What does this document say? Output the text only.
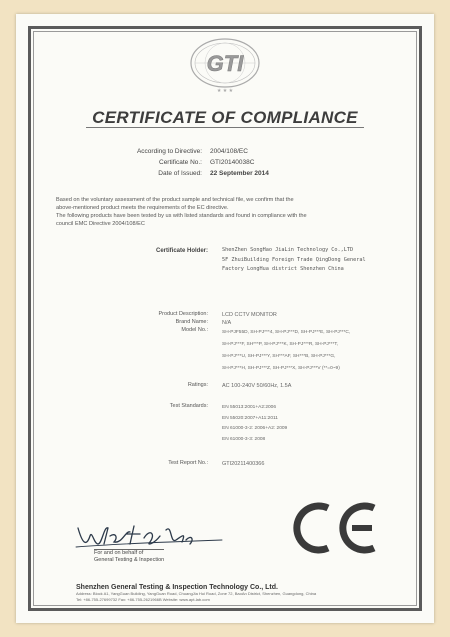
GTI
★ ★ ★
CERTIFICATE OF COMPLIANCE
According to Directive: 2004/108/EC
Certificate No.: GTI20140038C
Date of Issued: 22 September 2014
Based on the voluntary assessment of the product sample and technical file, we confirm that the
above-mentioned product meets the requirements of the EC directive.
The following products have been tested by us with listed standards and found in compliance with the
council EMC Directive 2004/108/EC
Certificate Holder:	ShenZhen SongHao JiaLin Technology Co.,LTD
5F ZhuiBuilding Foreign Trade QingDong General
Factory LongHua district Shenzhen China
Product Description:	LCD CCTV MONITOR
Brand Name:	N/A
Model No.:	SH-PJF55D, SH-PJ***4, SH-PJ***D, SH-PJ***E, SH-PJ***C,
SH-PJ***F, SH***P, SH-PJ***K, SH-PJ***R, SH-PJ***T,
SH-PJ***U, SH-PJ***Y, SH***AF, SH***B, SH-PJ***G,
SH-PJ***H, SH-PJ***Z, SH-PJ***X, SH-PJ***V (**=0~9)
Ratings:	AC 100-240V 50/60Hz, 1.5A
Test Standards:	EN 55013:2001+A2:2006
EN 55020:2007+A11:2011
EN 61000-3-2: 2006+A2: 2009
EN 61000-3-3: 2008
Test Report No.:	GTI20211400366
For and on behalf of
General Testing & Inspection
CE
Shenzhen General Testing & Inspection Technology Co., Ltd.
Address: Block A1, YangGuan Building, YangGuan Road, ChuangJia Hui Road, Zone 72, BaoAn District, Shenzhen, Guangdong, China
Tel: +86-755-27699732 Fax: +86-755-2621966B Website: www.apt-lab.com
